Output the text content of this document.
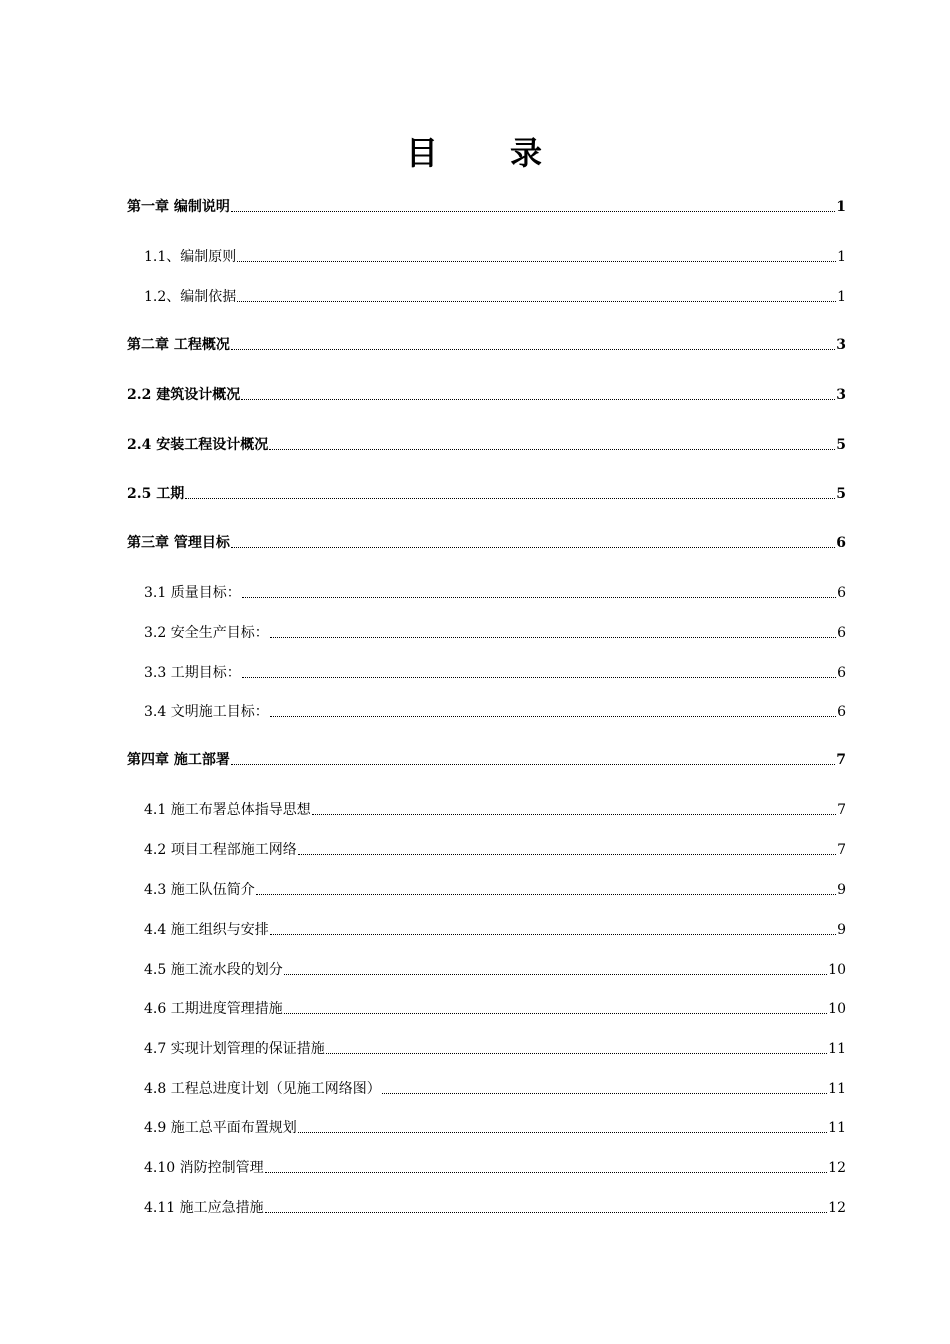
目 录
第一章 编制说明	1
1.1、编制原则	1
1.2、编制依据	1
第二章 工程概况	3
2.2 建筑设计概况	3
2.4 安装工程设计概况	5
2.5 工期	5
第三章 管理目标	6
3.1 质量目标：	6
3.2 安全生产目标：	6
3.3 工期目标：	6
3.4 文明施工目标：	6
第四章 施工部署	7
4.1 施工布署总体指导思想	7
4.2 项目工程部施工网络	7
4.3 施工队伍简介	9
4.4 施工组织与安排	9
4.5 施工流水段的划分	10
4.6 工期进度管理措施	10
4.7 实现计划管理的保证措施	11
4.8 工程总进度计划（见施工网络图）	11
4.9 施工总平面布置规划	11
4.10 消防控制管理	12
4.11 施工应急措施	12
